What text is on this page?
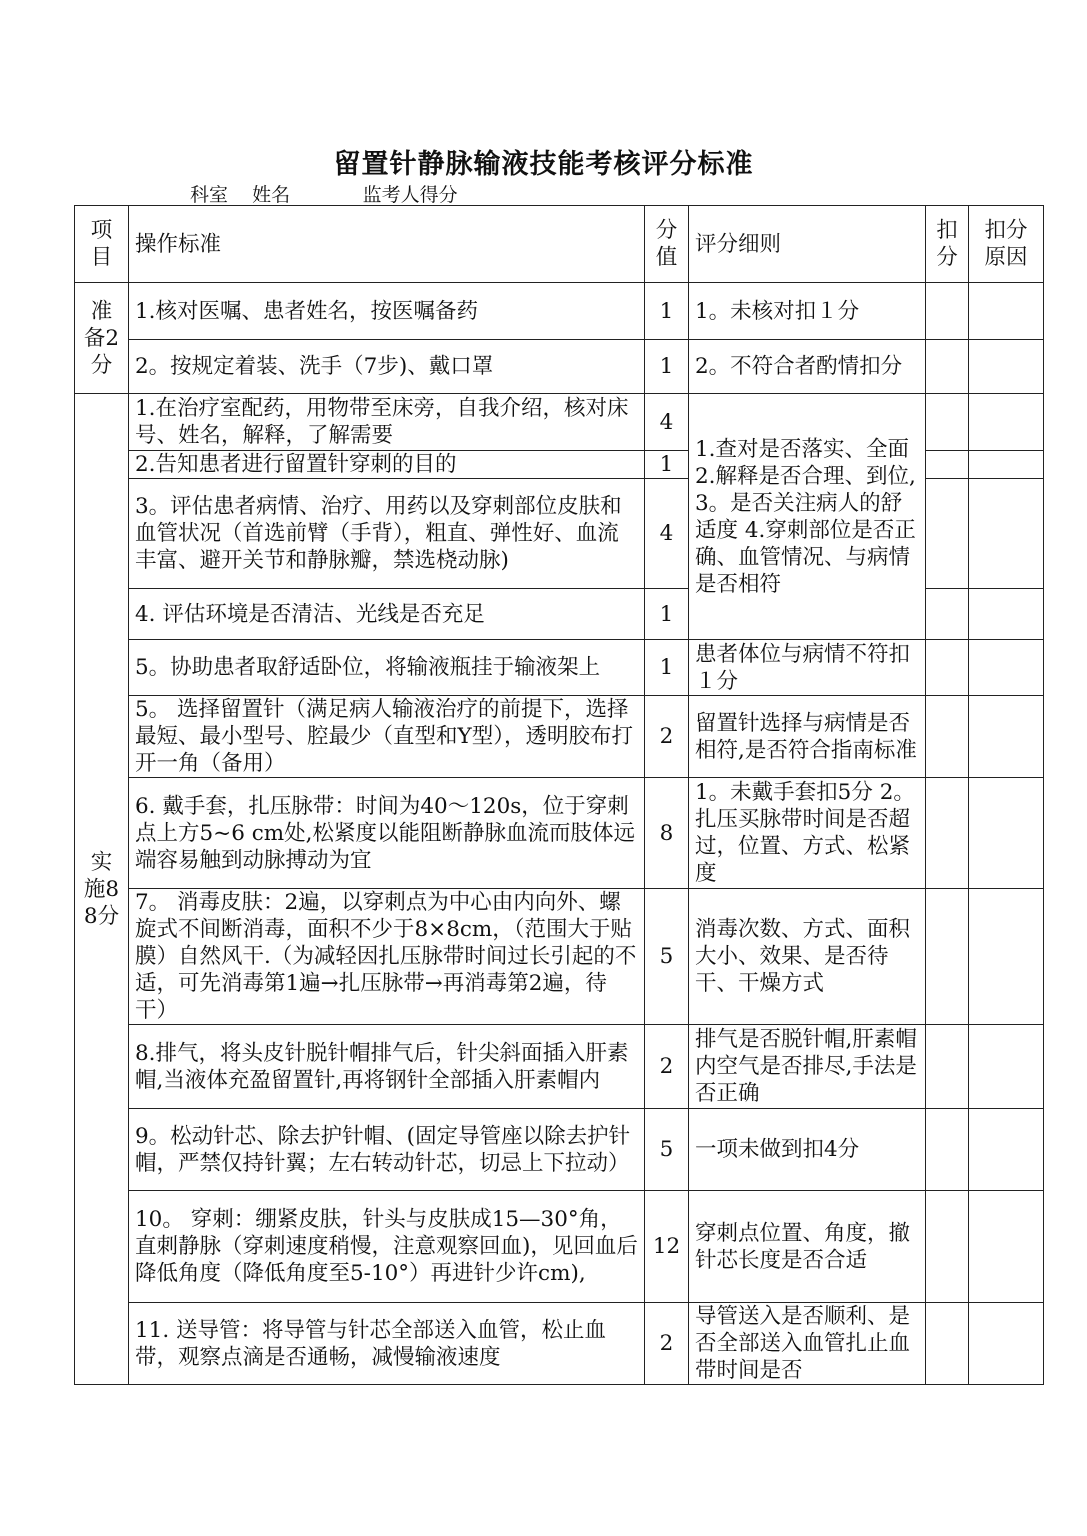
留置针静脉输液技能考核评分标准
科室    姓名            监考人得分
项目	操作标准	分值	评分细则	扣分	扣分原因
准备2分	1.核对医嘱、患者姓名，按医嘱备药	1	1。未核对扣１分		
	2。按规定着装、洗手（7步)、戴口罩	1	2。不符合者酌情扣分		
实施88分	1.在治疗室配药，用物带至床旁，自我介绍，核对床号、姓名，解释，了解需要	4	1.查对是否落实、全面 2.解释是否合理、到位, 3。是否关注病人的舒适度 4.穿刺部位是否正确、血管情况、与病情是否相符		
	2.告知患者进行留置针穿刺的目的	1			
	3。评估患者病情、治疗、用药以及穿刺部位皮肤和血管状况（首选前臂（手背），粗直、弹性好、血流丰富、避开关节和静脉瓣，禁选桡动脉)	4			
	4. 评估环境是否清洁、光线是否充足	1			
	5。协助患者取舒适卧位，将输液瓶挂于输液架上	1	患者体位与病情不符扣１分		
	5。 选择留置针（满足病人输液治疗的前提下，选择最短、最小型号、腔最少（直型和Y型），透明胶布打开一角（备用）	2	留置针选择与病情是否相符,是否符合指南标准		
	6. 戴手套，扎压脉带：时间为40～120s，位于穿刺点上方5~6 cm处,松紧度以能阻断静脉血流而肢体远端容易触到动脉搏动为宜	8	1。未戴手套扣5分 2。扎压买脉带时间是否超过，位置、方式、松紧度		
	7。 消毒皮肤：2遍，以穿刺点为中心由内向外、螺旋式不间断消毒，面积不少于8×8cm，（范围大于贴膜）自然风干.（为减轻因扎压脉带时间过长引起的不适，可先消毒第1遍→扎压脉带→再消毒第2遍，待干）	5	消毒次数、方式、面积大小、效果、是否待干、干燥方式		
	8.排气，将头皮针脱针帽排气后，针尖斜面插入肝素帽,当液体充盈留置针,再将钢针全部插入肝素帽内	2	排气是否脱针帽,肝素帽内空气是否排尽,手法是否正确		
	9。松动针芯、除去护针帽、(固定导管座以除去护针帽，严禁仅持针翼；左右转动针芯，切忌上下拉动）	5	一项未做到扣4分		
	10。 穿刺：绷紧皮肤，针头与皮肤成15—30°角，直刺静脉（穿刺速度稍慢，注意观察回血)，见回血后降低角度（降低角度至5-10°）再进针少许cm),	12	穿刺点位置、角度，撤针芯长度是否合适		
	11. 送导管：将导管与针芯全部送入血管，松止血带，观察点滴是否通畅，减慢输液速度	2	导管送入是否顺利、是否全部送入血管扎止血带时间是否		
